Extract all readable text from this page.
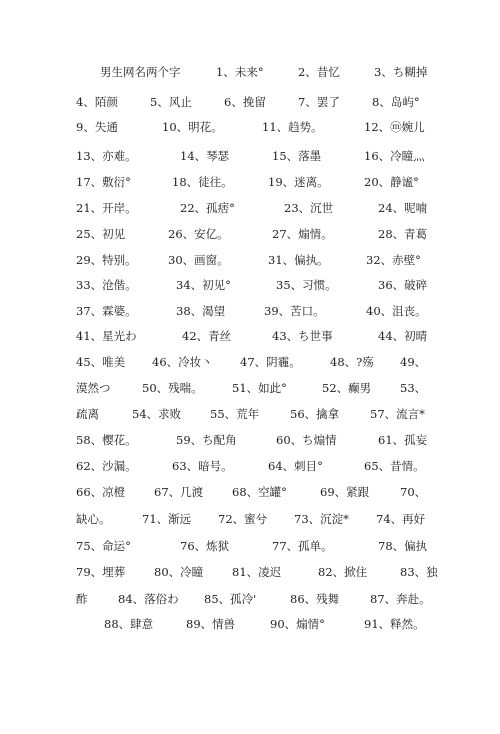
男生网名两个字

	1、未来°

	2、昔忆

	3、ち糊掉

4、陌颜

	5、风止

	6、挽留

	7、罢了

	8、岛屿°

9、失通

	10、明花。

	11、趋势。

	12、ⓜ婉儿

13、亦难。

	14、琴瑟

	15、落墨

	16、冷瞳灬

17、敷衍°

	18、徒往。

	19、迷离。

	20、静谧°

21、开岸。

	22、孤痞°

	23、沉世

	24、呢喃

25、初见

	26、安亿。

	27、煽情。

	28、青葛

29、特别。

	30、画窗。

	31、偏执。

	32、赤壁°

33、沧偕。

	34、初见°

	35、习惯。

	36、破碎

37、霖婆。

	38、渴望

	39、苦口。

	40、沮丧。

41、星光わ

	42、青丝

	43、ち世事

	44、初晴

45、唯美

46、冷妆丶

47、阴霾。

	48、?殇

49、

漠然つ

	50、残喘。

	51、如此°

	52、癫男

	53、

疏离

	54、求败

	55、荒年

	56、擒拿

	57、流言*

58、樱花。

	59、ち配角

	60、ち煽情

	61、孤妄

62、沙漏。

	63、暗号。

	64、刺目°

	65、昔情。

66、凉橙

	67、几渡

	68、空罐°

	69、紧跟

	70、

缺心。

	71、渐远

72、蜜兮

73、沉淀*

74、再好

75、命运°

	76、炼狱

	77、孤单。

	78、偏执

79、埋葬

	80、冷瞳

	81、凌迟

	82、掀住

	83、独

酢

	84、落俗わ

85、孤冷'

	86、残舞

	87、奔赴。

88、肆意

	89、情兽

	90、煽情°

	91、释然。
